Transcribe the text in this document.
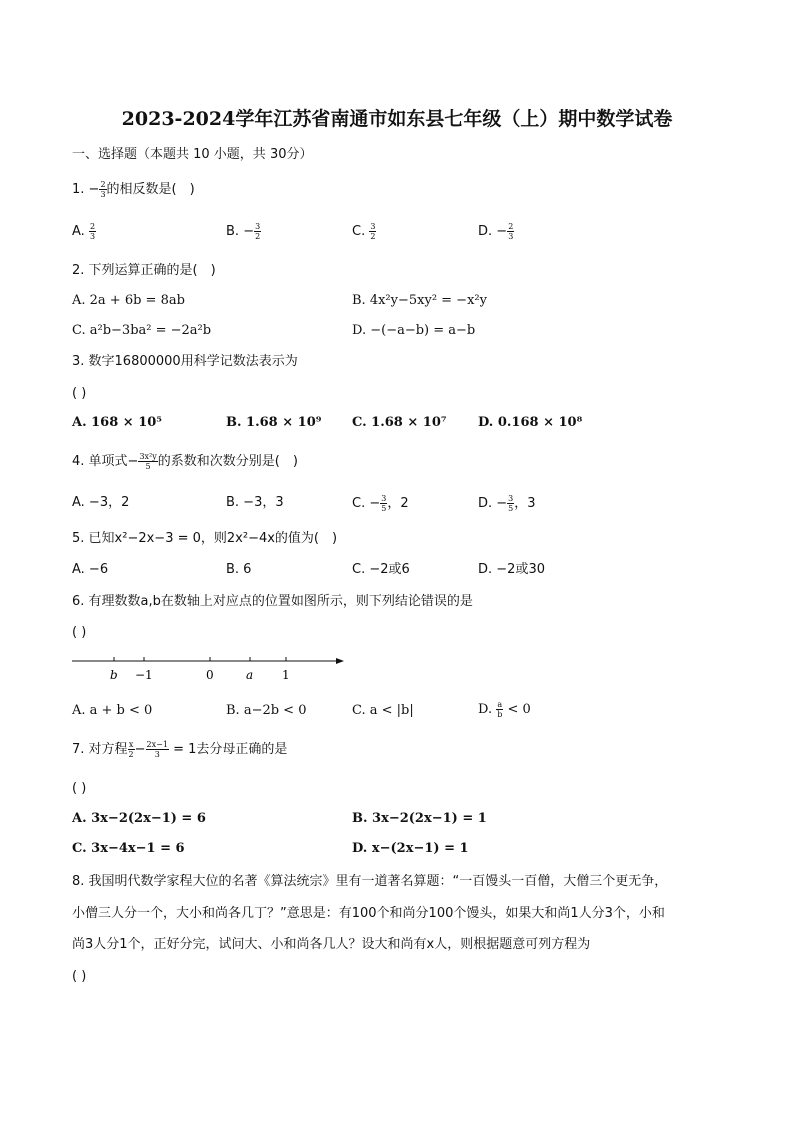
2023-2024学年江苏省南通市如东县七年级（上）期中数学试卷
一、选择题（本题共 10 小题，共 30分）
1. − $\frac{2}{3}$ 的相反数是(　)
A. $\frac{2}{3}$	B. − $\frac{3}{2}$	C. $\frac{3}{2}$	D. − $\frac{2}{3}$
2. 下列运算正确的是(　)
A. 2a + 6b = 8ab	B. 4x²y−5xy² = −x²y
C. a²b−3ba² = −2a²b	D. −(−a−b) = a−b
3. 数字16800000用科学记数法表示为
( )
A. 168 × 10⁵	B. 1.68 × 10⁹ C. 1.68 × 10⁷ D. 0.168 × 10⁸
4. 单项式− $\frac{\text{3x²y}}{5}$ 的系数和次数分别是(　)
A. −3，2	B. −3，3	C. − $\frac{3}{5}$ ，2	D. − $\frac{3}{5}$ ，3
5. 已知x²−2x−3 = 0，则2x²−4x的值为(　)
A. −6	B. 6	C. −2或6	D. −2或30
6. 有理数数a,b在数轴上对应点的位置如图所示，则下列结论错误的是
( )
b −1	0	a 1
A. a + b < 0	B. a−2b < 0	C. a < |b|	D. $\frac{a}{b} < 0$
7. 对方程 $\frac{x}{2} - \frac{2x-1}{3} = 1$去分母正确的是
( )
A. 3x−2(2x−1) = 6	B. 3x−2(2x−1) = 1
C. 3x−4x−1 = 6	D. x−(2x−1) = 1
8. 我国明代数学家程大位的名著《算法统宗》里有一道著名算题：“一百馒头一百僧，大僧三个更无争，
小僧三人分一个，大小和尚各几丁？”意思是：有100个和尚分100个馒头，如果大和尚1人分3个，小和
尚3人分1个，正好分完，试问大、小和尚各几人？设大和尚有x人，则根据题意可列方程为
( )
